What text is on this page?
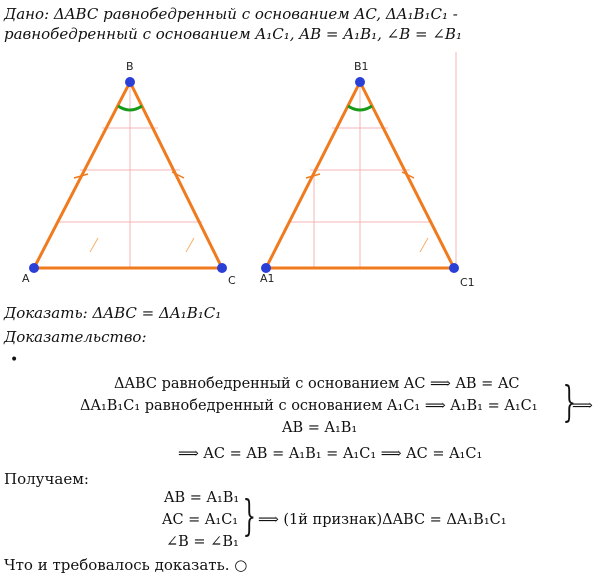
Дано: ΔABC равнобедренный с основанием AC, ΔA₁B₁C₁ - равнобедренный с основанием A₁C₁, AB = A₁B₁, ∠B = ∠B₁
B
A	C
B1
A1	C1
Доказать: ΔABC = ΔA₁B₁C₁
Доказательство:
•
ΔABC равнобедренный с основанием AC ⟹ AB = AC
ΔA₁B₁C₁ равнобедренный с основанием A₁C₁ ⟹ A₁B₁ = A₁C₁
AB = A₁B₁
}
⟹
⟹ AC = AB = A₁B₁ = A₁C₁ ⟹ AC = A₁C₁
Получаем:
AB = A₁B₁
AC = A₁C₁
∠B = ∠B₁
} ⟹ (1й признак)ΔABC = ΔA₁B₁C₁
Что и требовалось доказать. ○
